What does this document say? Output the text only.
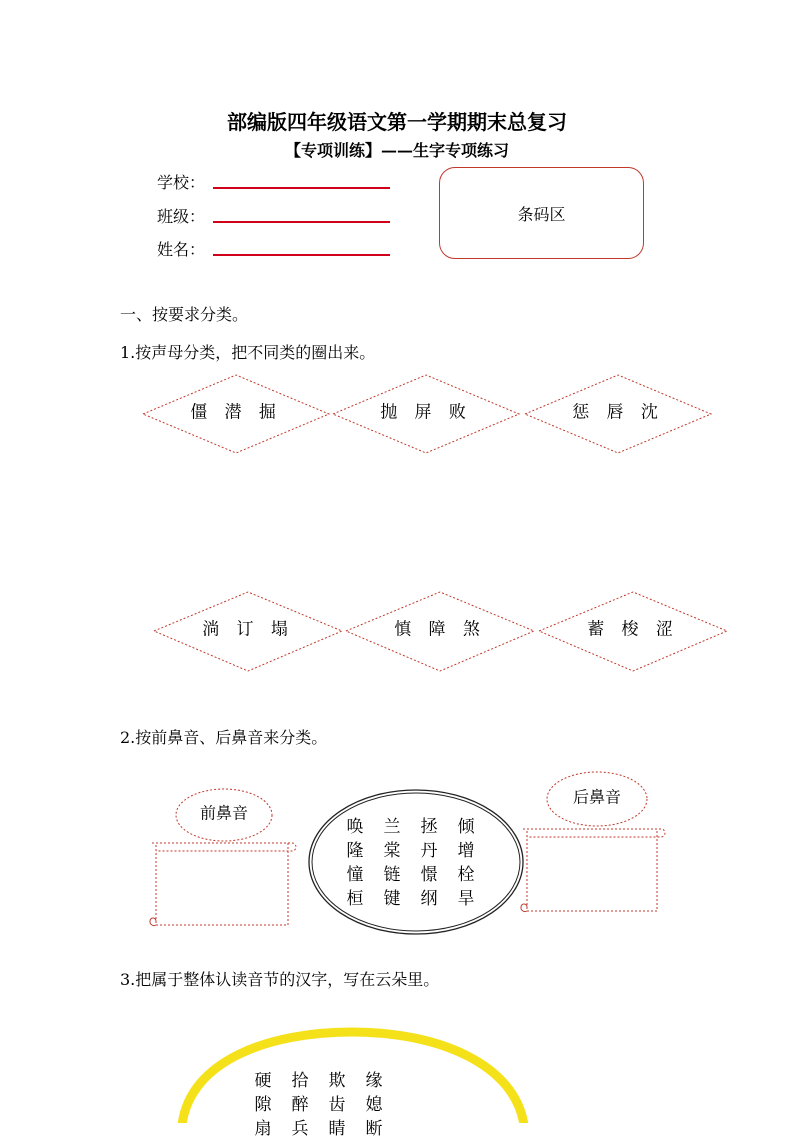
部编版四年级语文第一学期期末总复习
【专项训练】——生字专项练习
学校：
班级：
姓名：
条码区
一、按要求分类。
1.按声母分类，把不同类的圈出来。
僵 潜 掘	抛 屏 败	惩 唇 沈
淌 订 塌	慎 障 煞	蓄 梭 涩
2.按前鼻音、后鼻音来分类。
前鼻音
后鼻音
唤	兰	拯	倾
隆	棠	丹	增
憧	链	憬	栓
桓	键	纲	旱
3.把属于整体认读音节的汉字，写在云朵里。
硬	拾	欺	缘
隙	醉	齿	媳
扇	兵	睛	断
